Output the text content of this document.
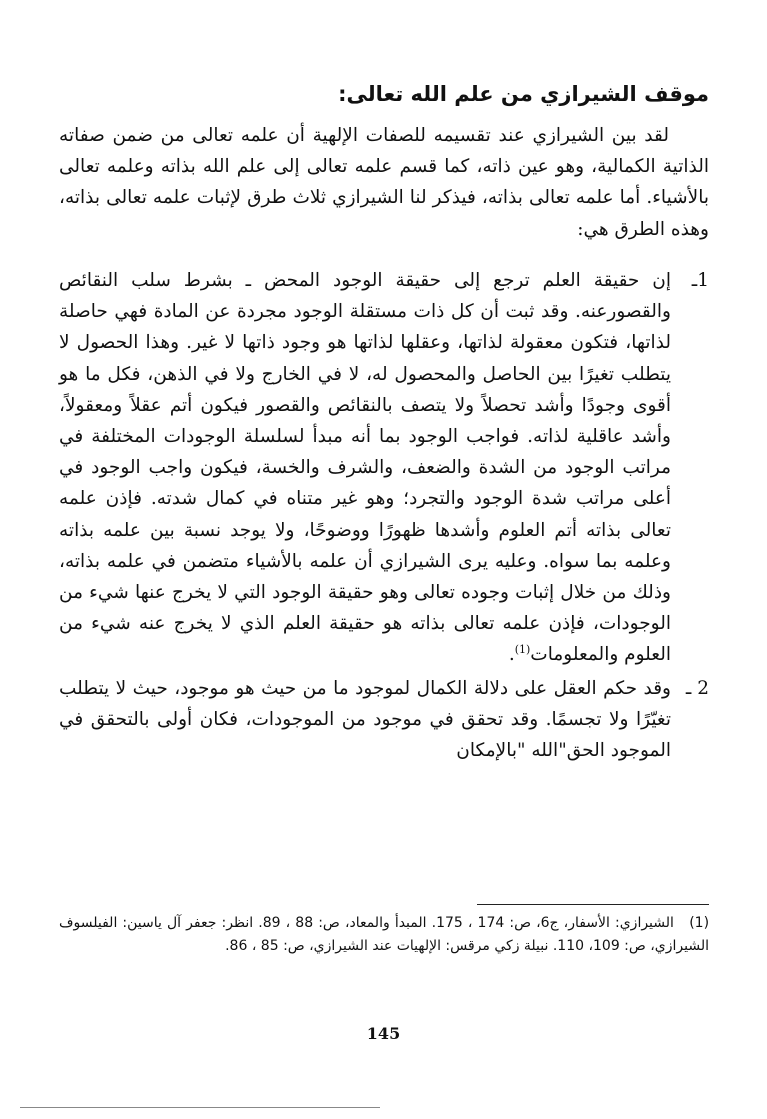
موقف الشيرازي من علم الله تعالى:

لقد بين الشيرازي عند تقسيمه للصفات الإلهية أن علمه تعالى من ضمن صفاته الذاتية الكمالية، وهو عين ذاته، كما قسم علمه تعالى إلى علم الله بذاته وعلمه تعالى بالأشياء. أما علمه تعالى بذاته، فيذكر لنا الشيرازي ثلاث طرق لإثبات علمه تعالى بذاته، وهذه الطرق هي:

1ـ
إن حقيقة العلم ترجع إلى حقيقة الوجود المحض ـ بشرط سلب النقائص والقصورعنه. وقد ثبت أن كل ذات مستقلة الوجود مجردة عن المادة فهي حاصلة لذاتها، فتكون معقولة لذاتها، وعقلها لذاتها هو وجود ذاتها لا غير. وهذا الحصول لا يتطلب تغيرًا بين الحاصل والمحصول له، لا في الخارج ولا في الذهن، فكل ما هو أقوى وجودًا وأشد تحصلاً ولا يتصف بالنقائص والقصور فيكون أتم عقلاً ومعقولاً، وأشد عاقلية لذاته. فواجب الوجود بما أنه مبدأ لسلسلة الوجودات المختلفة في مراتب الوجود من الشدة والضعف، والشرف والخسة، فيكون واجب الوجود في أعلى مراتب شدة الوجود والتجرد؛ وهو غير متناه في كمال شدته. فإذن علمه تعالى بذاته أتم العلوم وأشدها ظهورًا ووضوحًا، ولا يوجد نسبة بين علمه بذاته وعلمه بما سواه. وعليه يرى الشيرازي أن علمه بالأشياء متضمن في علمه بذاته، وذلك من خلال إثبات وجوده تعالى وهو حقيقة الوجود التي لا يخرج عنها شيء من الوجودات، فإذن علمه تعالى بذاته هو حقيقة العلم الذي لا يخرج عنه شيء من العلوم والمعلومات$^{(1)}$.
2 ـ
وقد حكم العقل على دلالة الكمال لموجود ما من حيث هو موجود، حيث لا يتطلب تغيّرًا ولا تجسمًا. وقد تحقق في موجود من الموجودات، فكان أولى بالتحقق في الموجود الحق"الله "بالإمكان
(1) الشيرازي: الأسفار، ج6، ص: 174 ، 175. المبدأ والمعاد، ص: 88 ، 89. انظر: جعفر آل ياسين: الفيلسوف الشيرازي، ص: 109، 110. نبيلة زكي مرقس: الإلهيات عند الشيرازي، ص: 85 ، 86.
145
